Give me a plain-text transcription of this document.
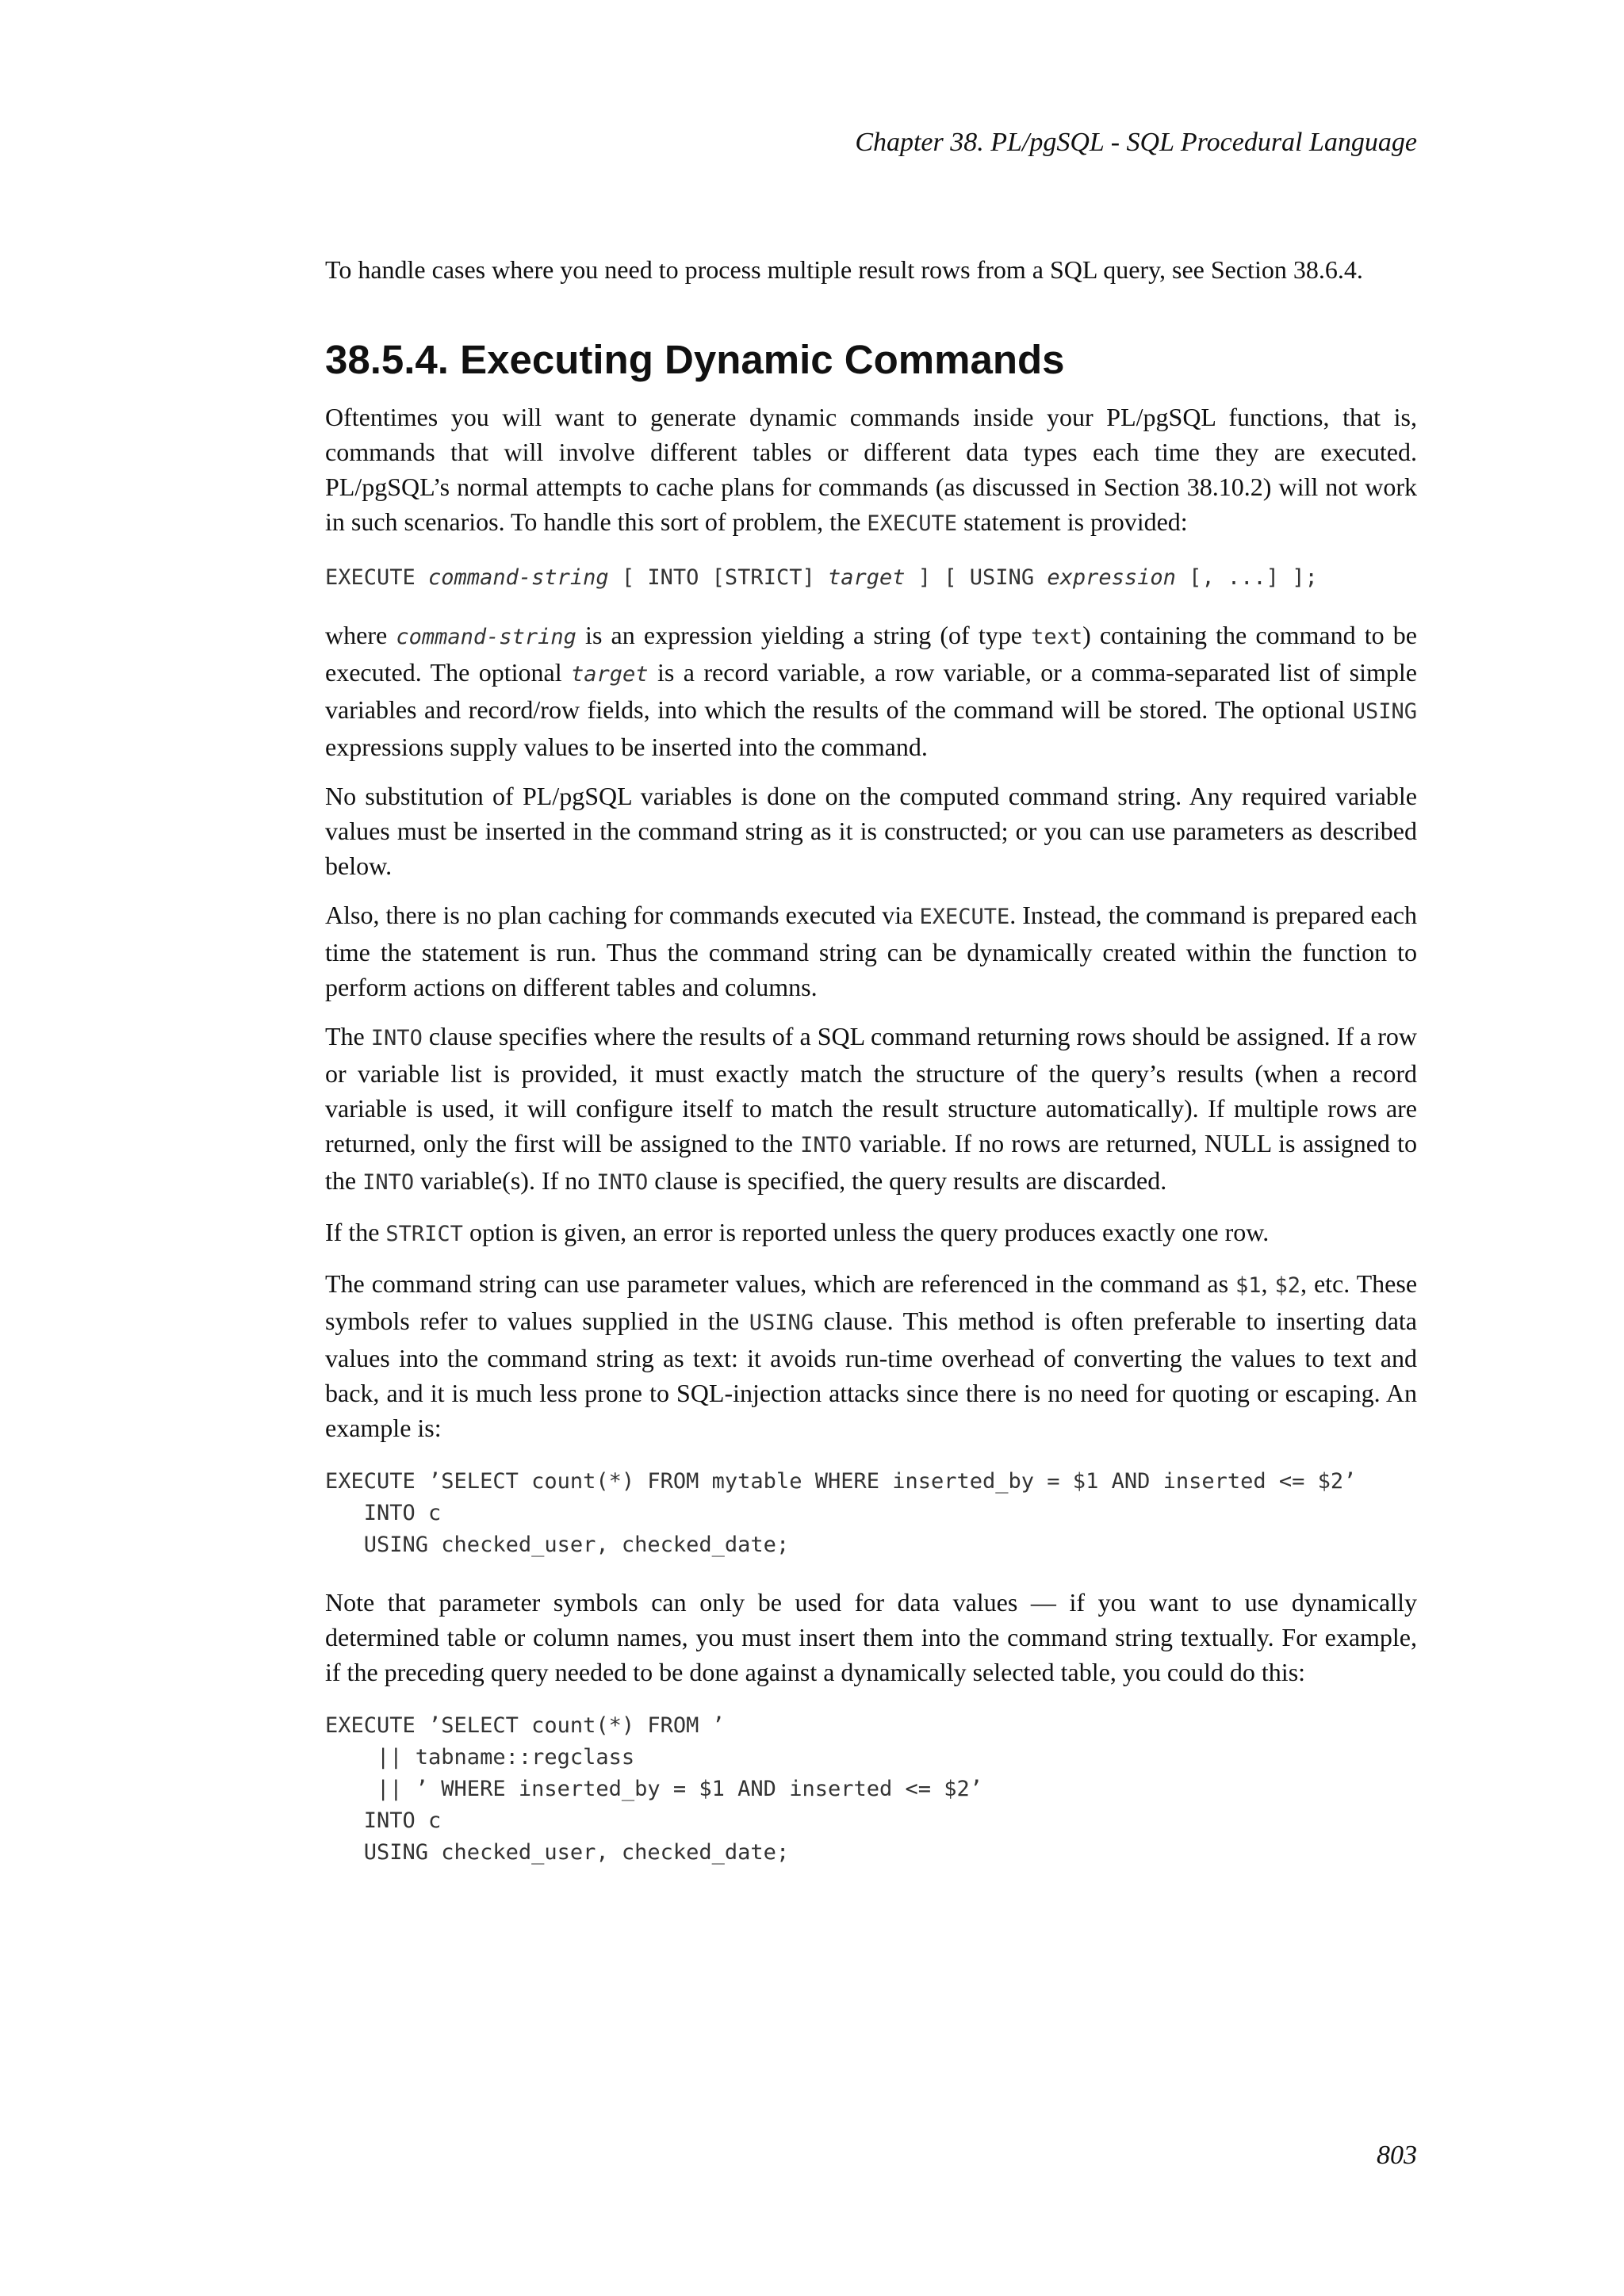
Chapter 38. PL/pgSQL - SQL Procedural Language

To handle cases where you need to process multiple result rows from a SQL query, see Section 38.6.4.

38.5.4. Executing Dynamic Commands

Oftentimes you will want to generate dynamic commands inside your PL/pgSQL functions, that is, commands that will involve different tables or different data types each time they are executed. PL/pgSQL’s normal attempts to cache plans for commands (as discussed in Section 38.10.2) will not work in such scenarios. To handle this sort of problem, the EXECUTE statement is provided:

EXECUTE command-string [ INTO [STRICT] target ] [ USING expression [, ...] ];

where command-string is an expression yielding a string (of type text) containing the command to be executed. The optional target is a record variable, a row variable, or a comma-separated list of simple variables and record/row fields, into which the results of the command will be stored. The optional USING expressions supply values to be inserted into the command.

No substitution of PL/pgSQL variables is done on the computed command string. Any required variable values must be inserted in the command string as it is constructed; or you can use parameters as described below.

Also, there is no plan caching for commands executed via EXECUTE. Instead, the command is prepared each time the statement is run. Thus the command string can be dynamically created within the function to perform actions on different tables and columns.

The INTO clause specifies where the results of a SQL command returning rows should be assigned. If a row or variable list is provided, it must exactly match the structure of the query’s results (when a record variable is used, it will configure itself to match the result structure automatically). If multiple rows are returned, only the first will be assigned to the INTO variable. If no rows are returned, NULL is assigned to the INTO variable(s). If no INTO clause is specified, the query results are discarded.

If the STRICT option is given, an error is reported unless the query produces exactly one row.

The command string can use parameter values, which are referenced in the command as $1, $2, etc. These symbols refer to values supplied in the USING clause. This method is often preferable to inserting data values into the command string as text: it avoids run-time overhead of converting the values to text and back, and it is much less prone to SQL-injection attacks since there is no need for quoting or escaping. An example is:

EXECUTE ’SELECT count(*) FROM mytable WHERE inserted_by = $1 AND inserted <= $2’
INTO c
USING checked_user, checked_date;

Note that parameter symbols can only be used for data values — if you want to use dynamically determined table or column names, you must insert them into the command string textually. For example, if the preceding query needed to be done against a dynamically selected table, you could do this:

EXECUTE ’SELECT count(*) FROM ’
|| tabname::regclass
|| ’ WHERE inserted_by = $1 AND inserted <= $2’
INTO c
USING checked_user, checked_date;
803
